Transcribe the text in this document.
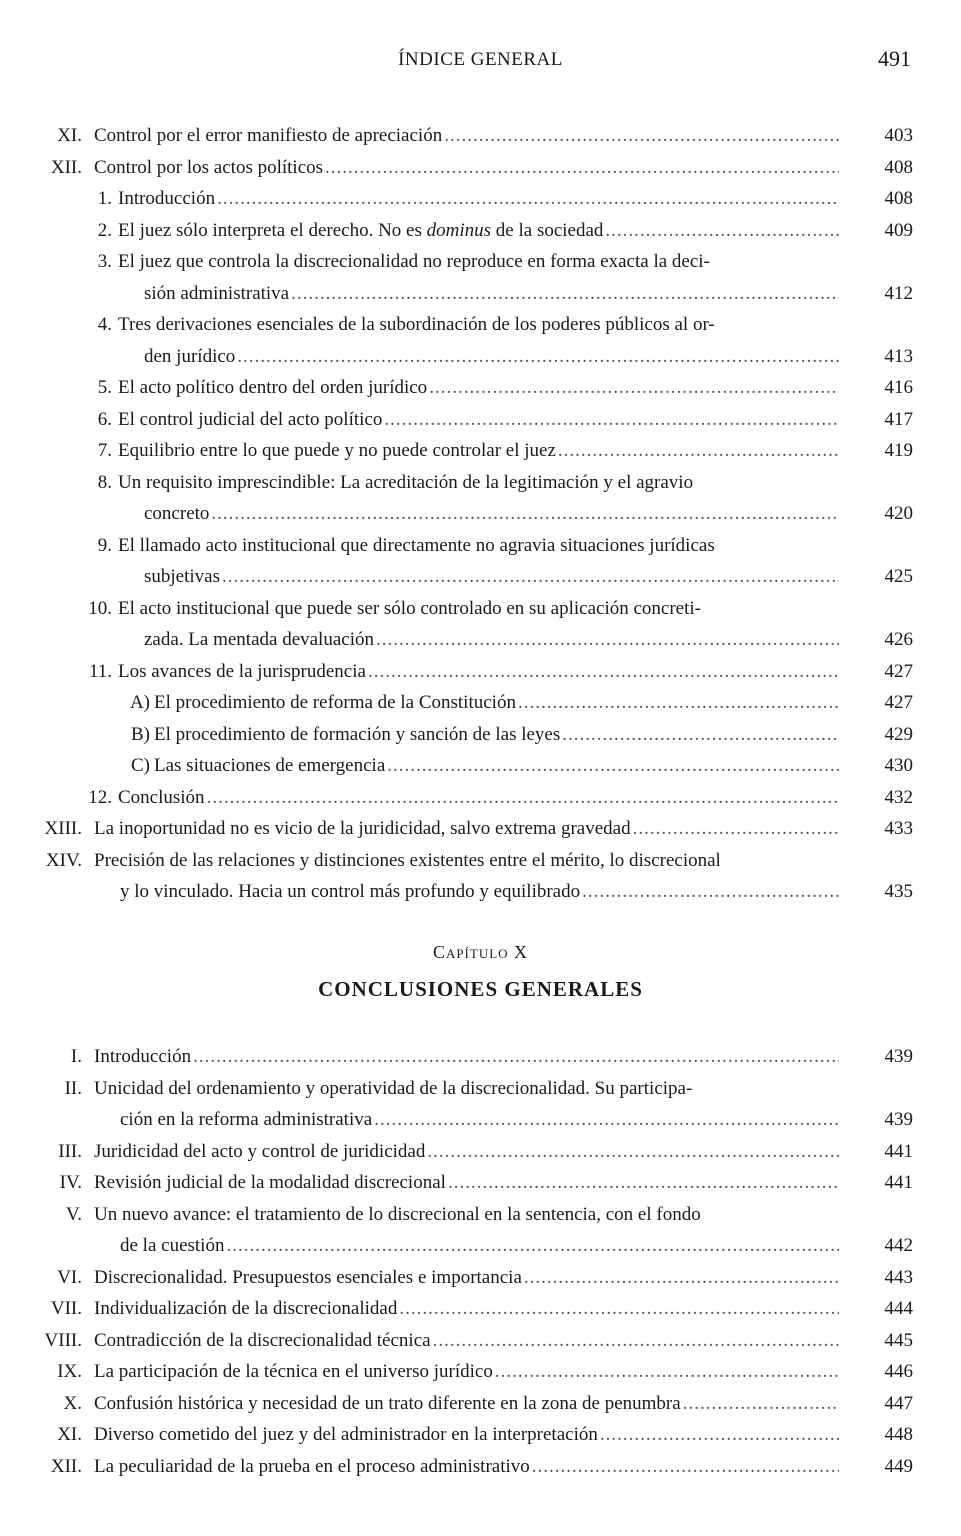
ÍNDICE GENERAL	491
XI. Control por el error manifiesto de apreciación .....	403
XII. Control por los actos políticos .....	408
1. Introducción .....	408
2. El juez sólo interpreta el derecho. No es dominus de la sociedad .....	409
3. El juez que controla la discrecionalidad no reproduce en forma exacta la deci-
sión administrativa .....	412
4. Tres derivaciones esenciales de la subordinación de los poderes públicos al or-
den jurídico .....	413
5. El acto político dentro del orden jurídico .....	416
6. El control judicial del acto político .....	417
7. Equilibrio entre lo que puede y no puede controlar el juez .....	419
8. Un requisito imprescindible: La acreditación de la legitimación y el agravio
concreto .....	420
9. El llamado acto institucional que directamente no agravia situaciones jurídicas
subjetivas .....	425
10. El acto institucional que puede ser sólo controlado en su aplicación concreti-
zada. La mentada devaluación .....	426
11. Los avances de la jurisprudencia .....	427
A) El procedimiento de reforma de la Constitución .....	427
B) El procedimiento de formación y sanción de las leyes .....	429
C) Las situaciones de emergencia .....	430
12. Conclusión .....	432
XIII. La inoportunidad no es vicio de la juridicidad, salvo extrema gravedad .....	433
XIV. Precisión de las relaciones y distinciones existentes entre el mérito, lo discrecional
y lo vinculado. Hacia un control más profundo y equilibrado .....	435
Capítulo X
CONCLUSIONES GENERALES
I. Introducción .....	439
II. Unicidad del ordenamiento y operatividad de la discrecionalidad. Su participa-
ción en la reforma administrativa .....	439
III. Juridicidad del acto y control de juridicidad .....	441
IV. Revisión judicial de la modalidad discrecional .....	441
V. Un nuevo avance: el tratamiento de lo discrecional en la sentencia, con el fondo
de la cuestión .....	442
VI. Discrecionalidad. Presupuestos esenciales e importancia .....	443
VII. Individualización de la discrecionalidad .....	444
VIII. Contradicción de la discrecionalidad técnica .....	445
IX. La participación de la técnica en el universo jurídico .....	446
X. Confusión histórica y necesidad de un trato diferente en la zona de penumbra .....	447
XI. Diverso cometido del juez y del administrador en la interpretación .....	448
XII. La peculiaridad de la prueba en el proceso administrativo .....	449
